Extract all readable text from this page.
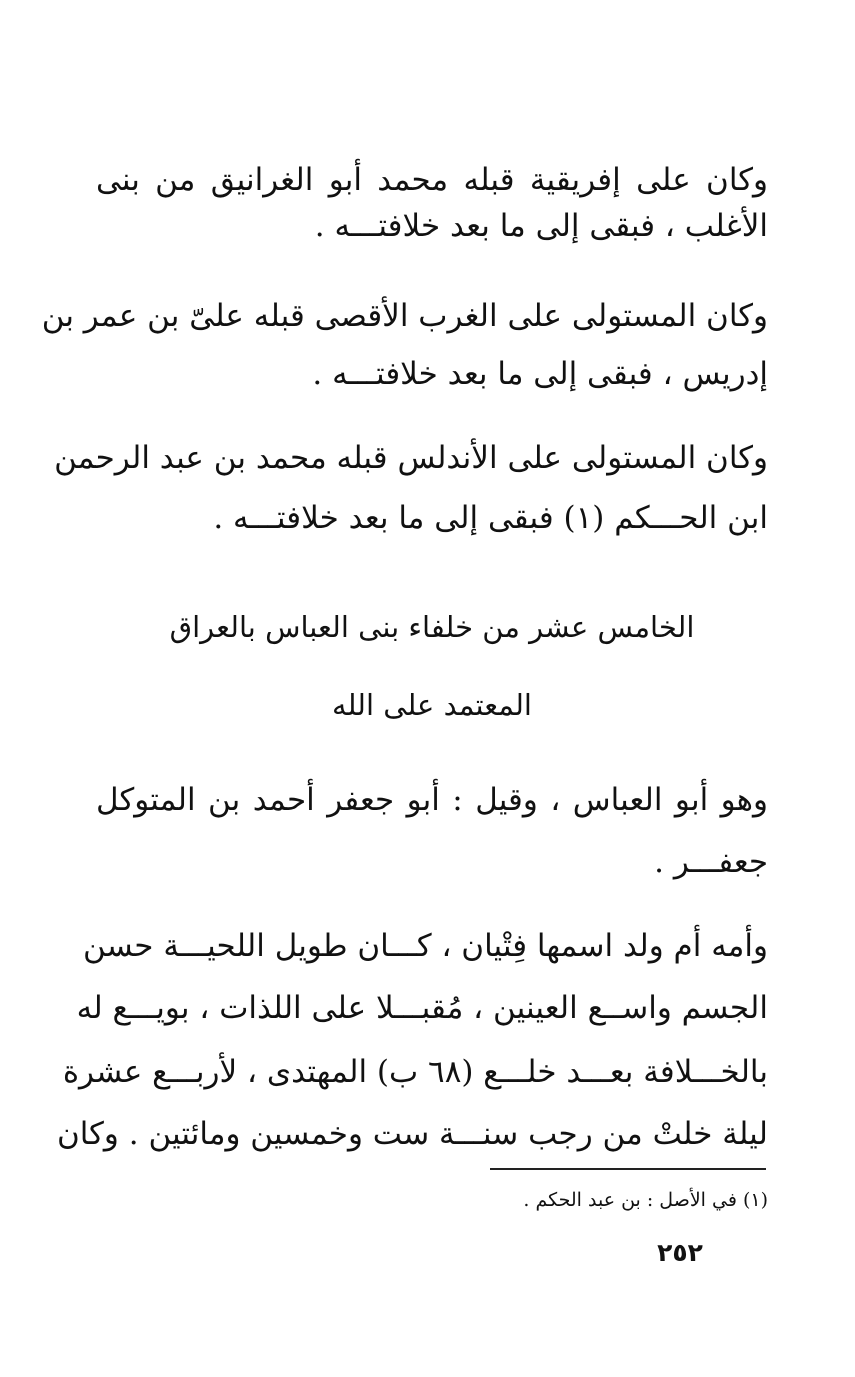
وكان على إفريقية قبله محمد أبو الغرانيق من بنى
الأغلب ، فبقى إلى ما بعد خلافتـــه .
وكان المستولى على الغرب الأقصى قبله علىّ بن عمر بن
إدريس ، فبقى إلى ما بعد خلافتـــه .
وكان المستولى على الأندلس قبله محمد بن عبد الرحمن
ابن الحـــكم (١) فبقى إلى ما بعد خلافتـــه .
الخامس عشر من خلفاء بنى العباس بالعراق
المعتمد على الله
وهو أبو العباس ، وقيل : أبو جعفر أحمد بن المتوكل
جعفـــر .
وأمه أم ولد اسمها فِتْيان ، كـــان طويل اللحيـــة حسن
الجسم واســع العينين ، مُقبـــلا على اللذات ، بويـــع له
بالخـــلافة بعـــد خلـــع (٦٨ ب) المهتدى ، لأربـــع عشرة
ليلة خلتْ من رجب سنـــة ست وخمسين ومائتين . وكان
(١) في الأصل : بن عبد الحكم .
٢٥٢
